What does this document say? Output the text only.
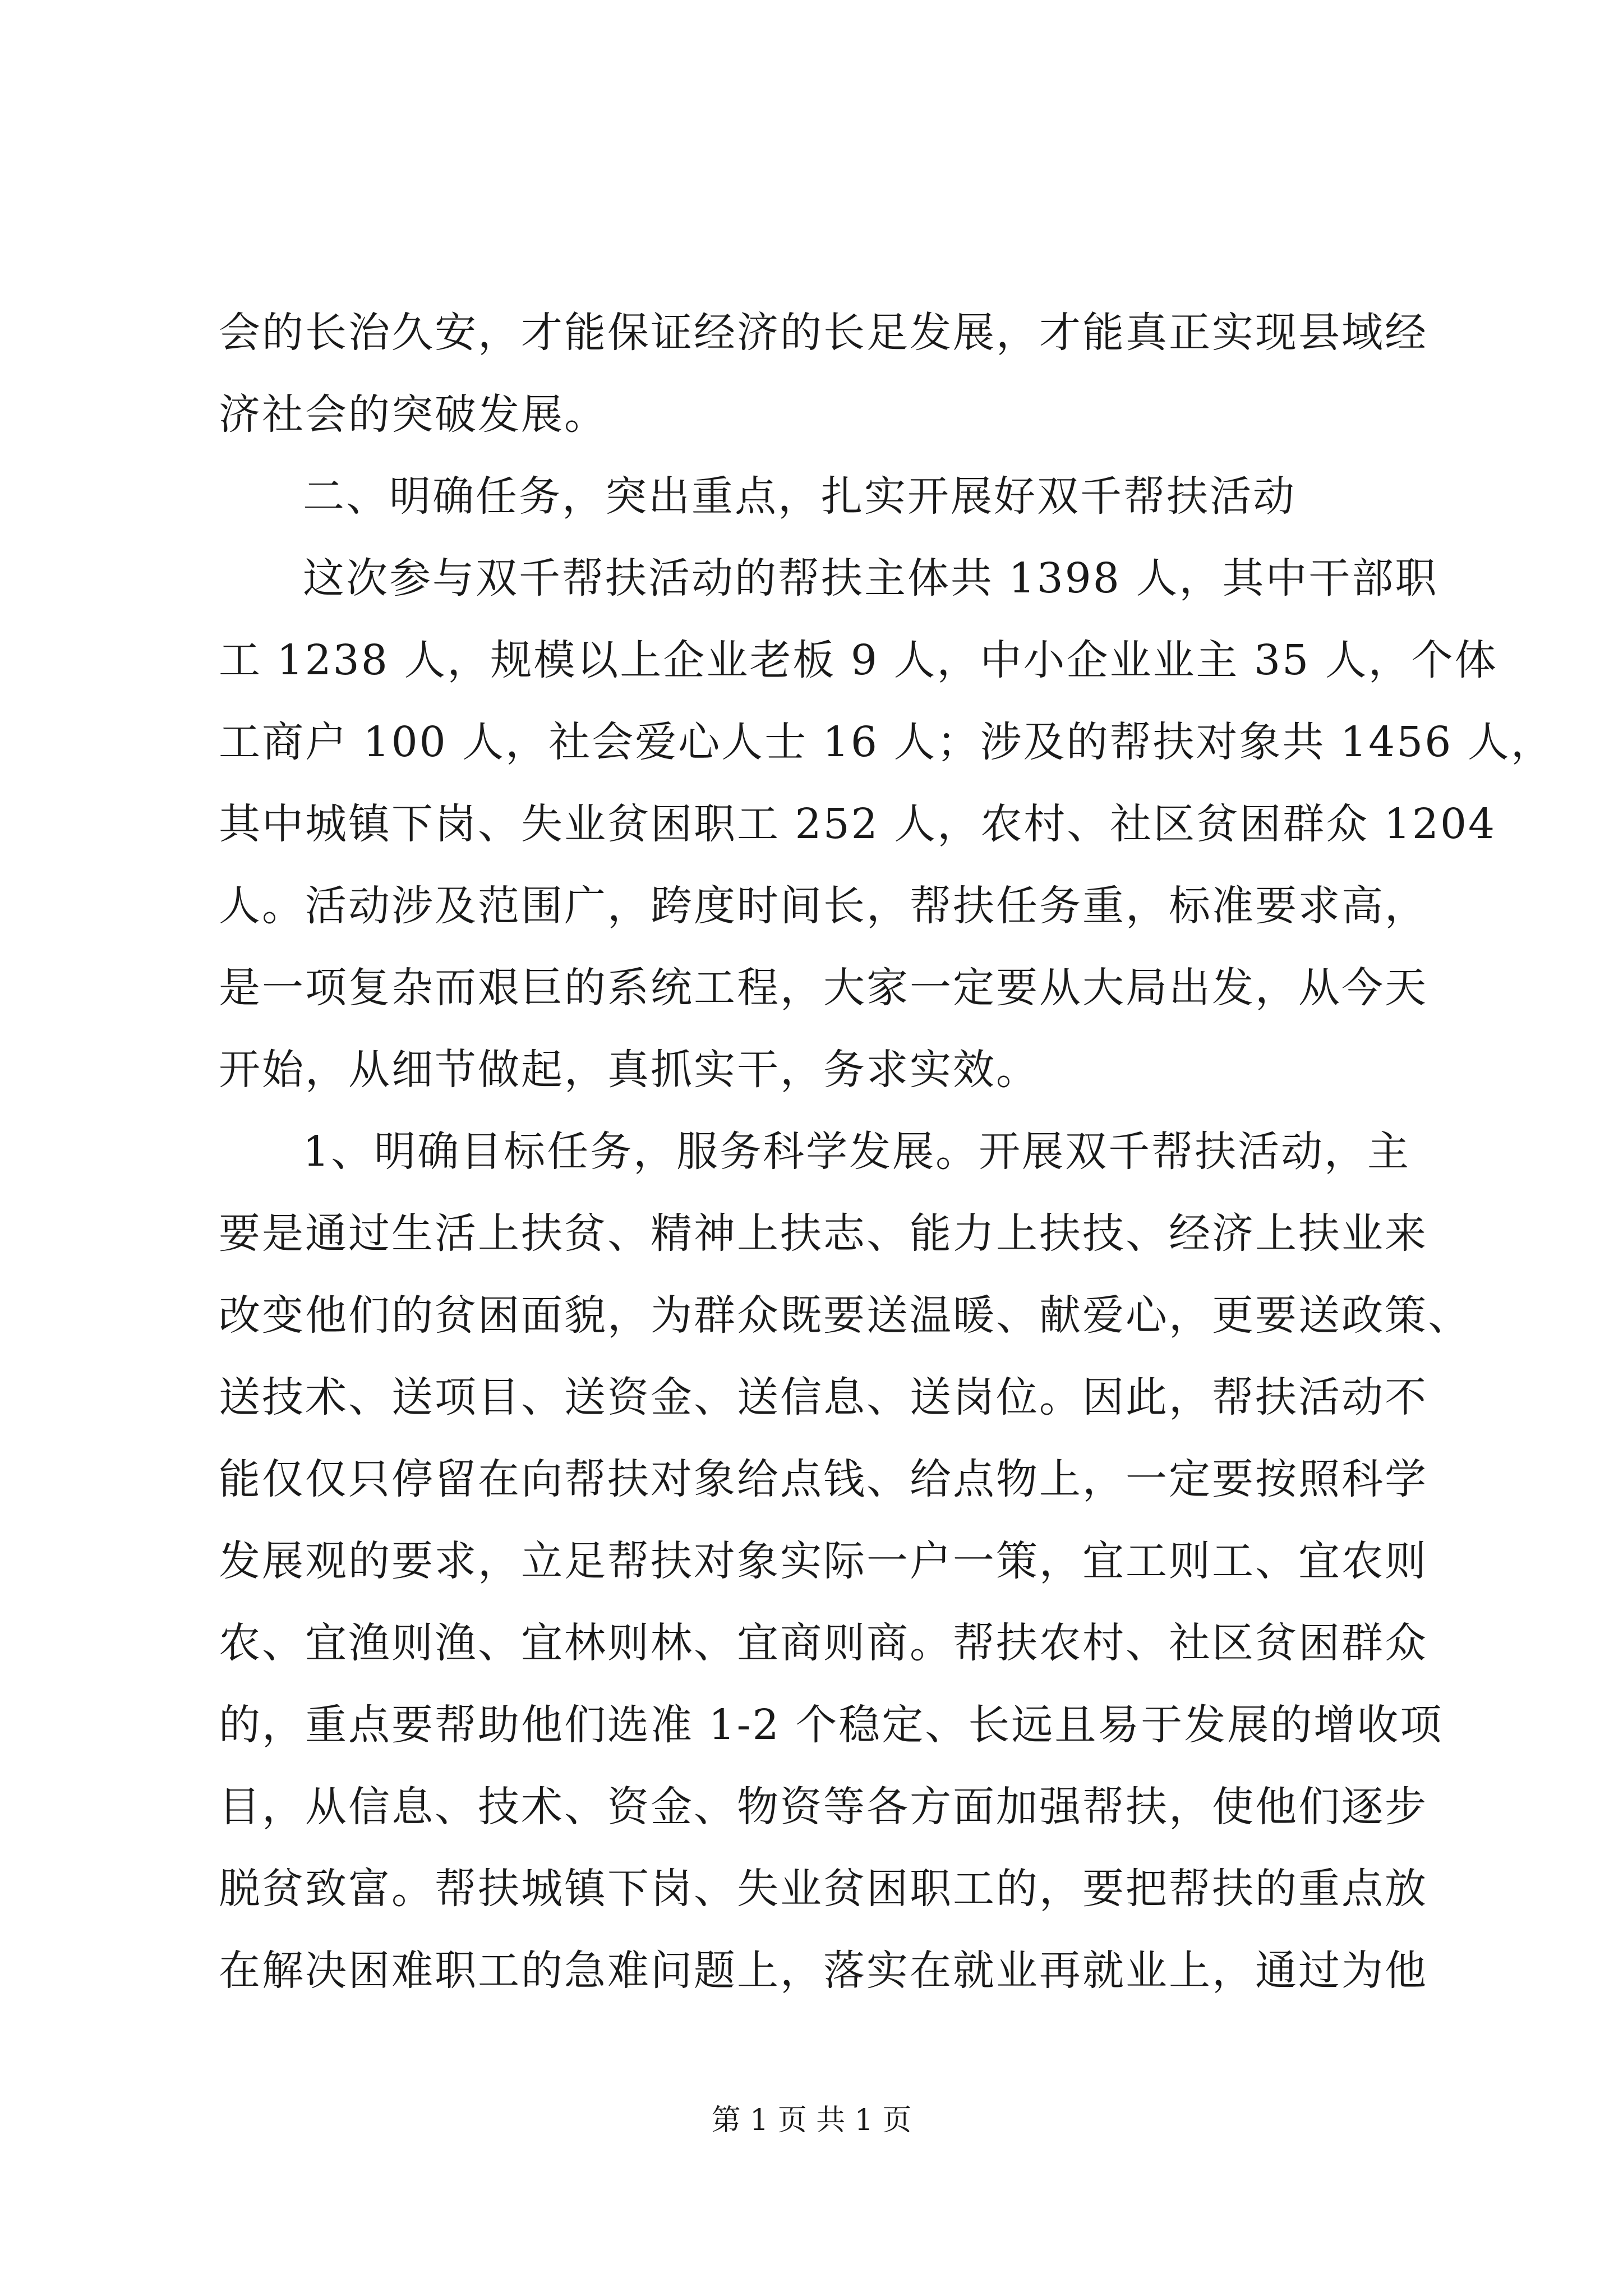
会的长治久安，才能保证经济的长足发展，才能真正实现县域经
济社会的突破发展。
二、明确任务，突出重点，扎实开展好双千帮扶活动
这次参与双千帮扶活动的帮扶主体共 1398 人，其中干部职
工 1238 人，规模以上企业老板 9 人，中小企业业主 35 人，个体
工商户 100 人，社会爱心人士 16 人；涉及的帮扶对象共 1456 人，
其中城镇下岗、失业贫困职工 252 人，农村、社区贫困群众 1204
人。活动涉及范围广，跨度时间长，帮扶任务重，标准要求高，
是一项复杂而艰巨的系统工程，大家一定要从大局出发，从今天
开始，从细节做起，真抓实干，务求实效。
1、明确目标任务，服务科学发展。开展双千帮扶活动，主
要是通过生活上扶贫、精神上扶志、能力上扶技、经济上扶业来
改变他们的贫困面貌，为群众既要送温暖、献爱心，更要送政策、
送技术、送项目、送资金、送信息、送岗位。因此，帮扶活动不
能仅仅只停留在向帮扶对象给点钱、给点物上，一定要按照科学
发展观的要求，立足帮扶对象实际一户一策，宜工则工、宜农则
农、宜渔则渔、宜林则林、宜商则商。帮扶农村、社区贫困群众
的，重点要帮助他们选准 1-2 个稳定、长远且易于发展的增收项
目，从信息、技术、资金、物资等各方面加强帮扶，使他们逐步
脱贫致富。帮扶城镇下岗、失业贫困职工的，要把帮扶的重点放
在解决困难职工的急难问题上，落实在就业再就业上，通过为他
第 1 页 共 1 页
